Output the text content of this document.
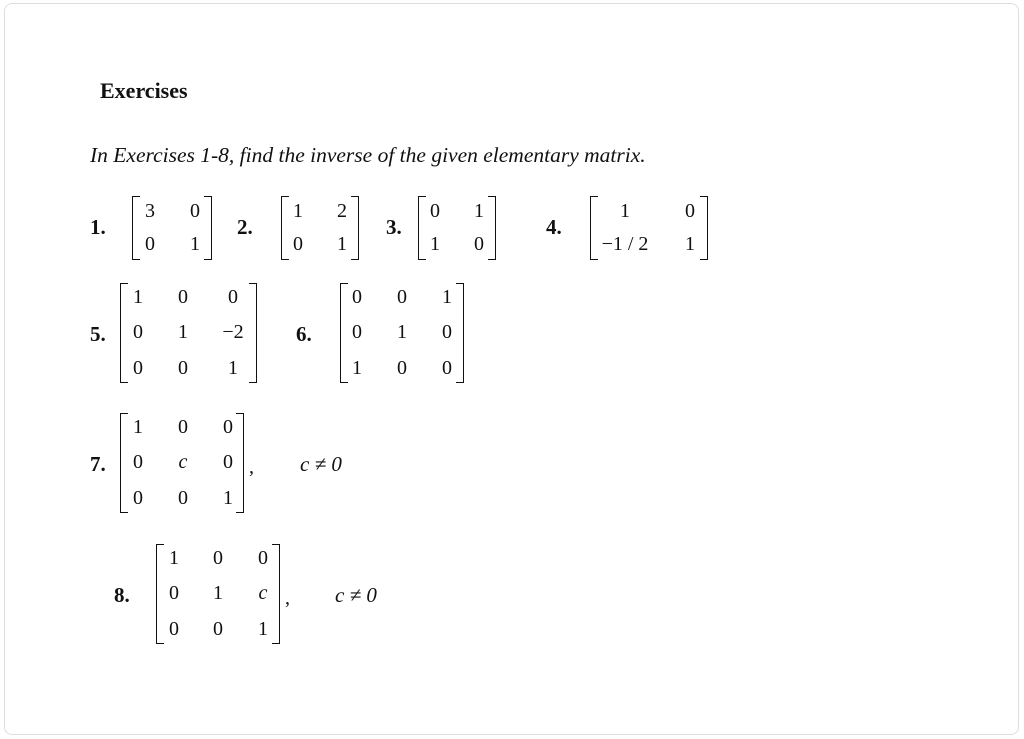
Exercises
In Exercises 1-8, find the inverse of the given elementary matrix.
1.
3 0
0 1
2.
1 2
0 1
3.
0 1
1 0
4.
1	0
−1 / 2 1
5.
1 0 0
0 1 −2
0 0 1
6.
0 0 1
0 1 0
1 0 0
7.
1 0 0
0 c 0
0 0 1
, c ≠ 0
8.
1 0 0
0 1 c
0 0 1
, c ≠ 0
